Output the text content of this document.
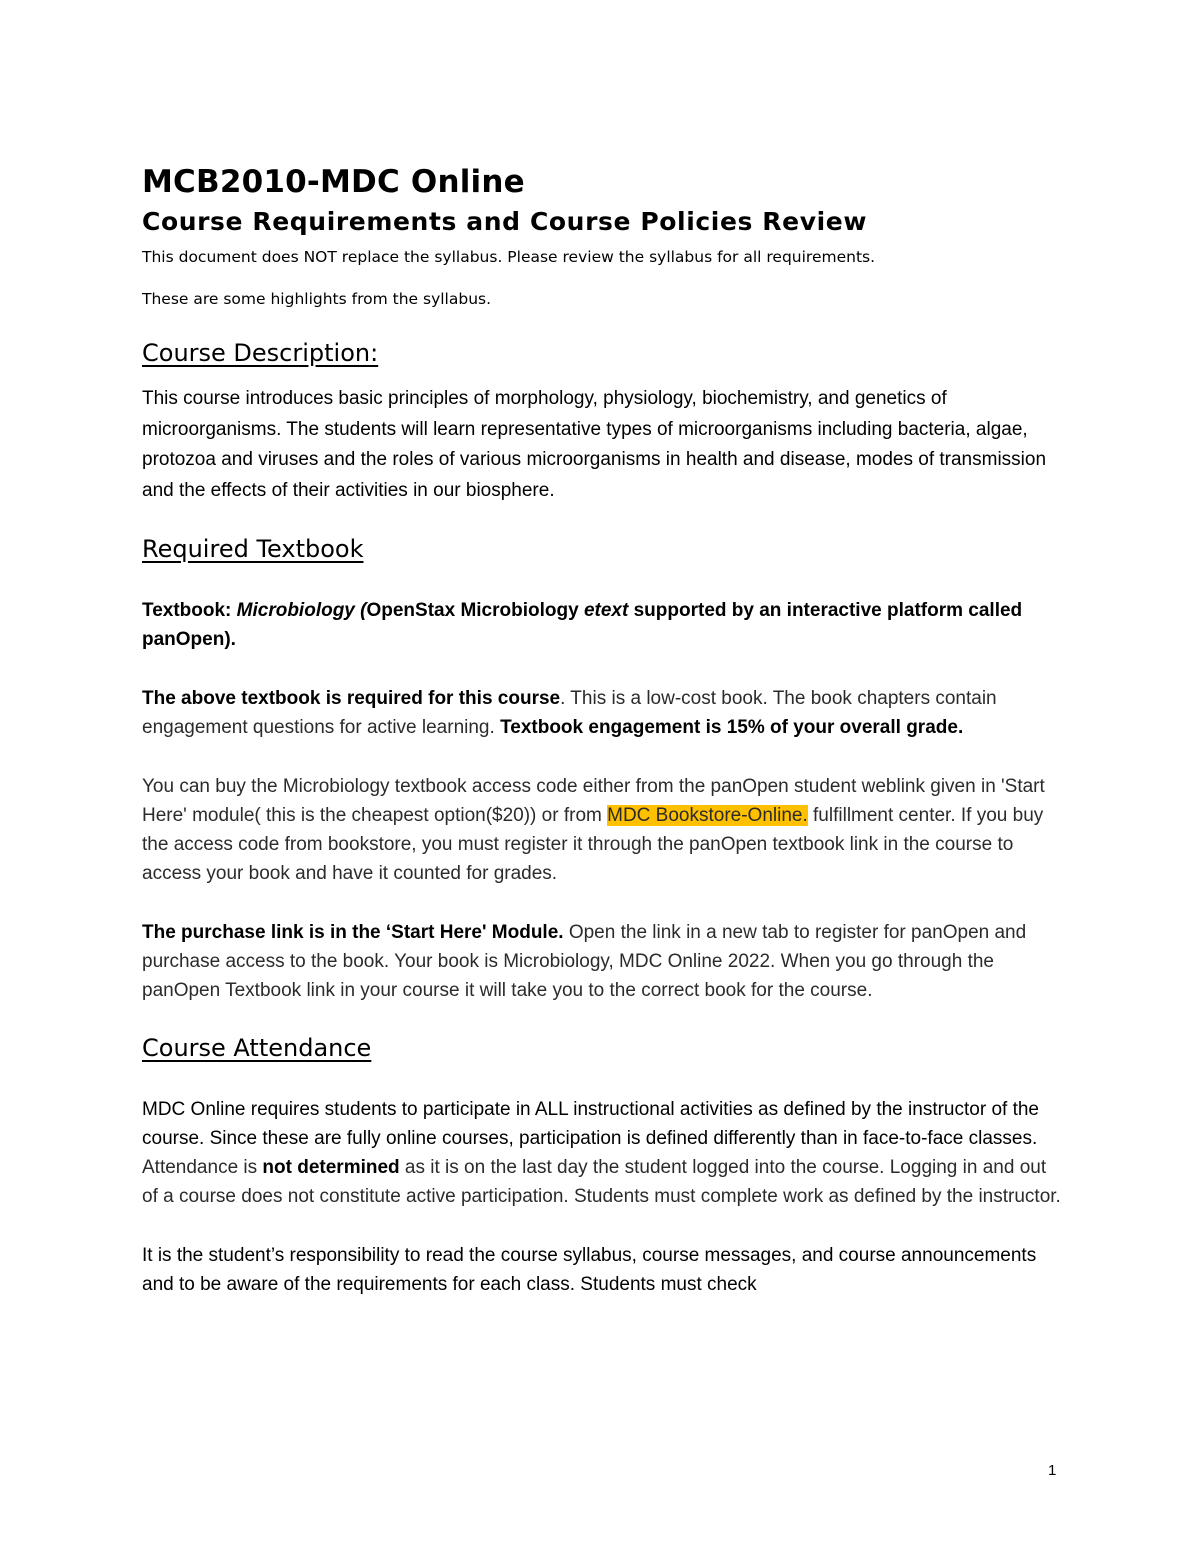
MCB2010-MDC Online
Course Requirements and Course Policies Review

This document does NOT replace the syllabus. Please review the syllabus for all requirements.

These are some highlights from the syllabus.

Course Description:

This course introduces basic principles of morphology, physiology, biochemistry, and genetics of microorganisms. The students will learn representative types of microorganisms including bacteria, algae, protozoa and viruses and the roles of various microorganisms in health and disease, modes of transmission and the effects of their activities in our biosphere.

Required Textbook

Textbook: Microbiology (OpenStax Microbiology etext supported by an interactive platform called panOpen).

The above textbook is required for this course. This is a low-cost book. The book chapters contain engagement questions for active learning. Textbook engagement is 15% of your overall grade.

You can buy the Microbiology textbook access code either from the panOpen student weblink given in 'Start Here' module( this is the cheapest option($20)) or from MDC Bookstore-Online. fulfillment center. If you buy the access code from bookstore, you must register it through the panOpen textbook link in the course to access your book and have it counted for grades.

The purchase link is in the ‘Start Here' Module. Open the link in a new tab to register for panOpen and purchase access to the book. Your book is Microbiology, MDC Online 2022. When you go through the panOpen Textbook link in your course it will take you to the correct book for the course.

Course Attendance

MDC Online requires students to participate in ALL instructional activities as defined by the instructor of the course. Since these are fully online courses, participation is defined differently than in face-to-face classes. Attendance is not determined as it is on the last day the student logged into the course. Logging in and out of a course does not constitute active participation. Students must complete work as defined by the instructor.

It is the student’s responsibility to read the course syllabus, course messages, and course announcements and to be aware of the requirements for each class. Students must check

1
